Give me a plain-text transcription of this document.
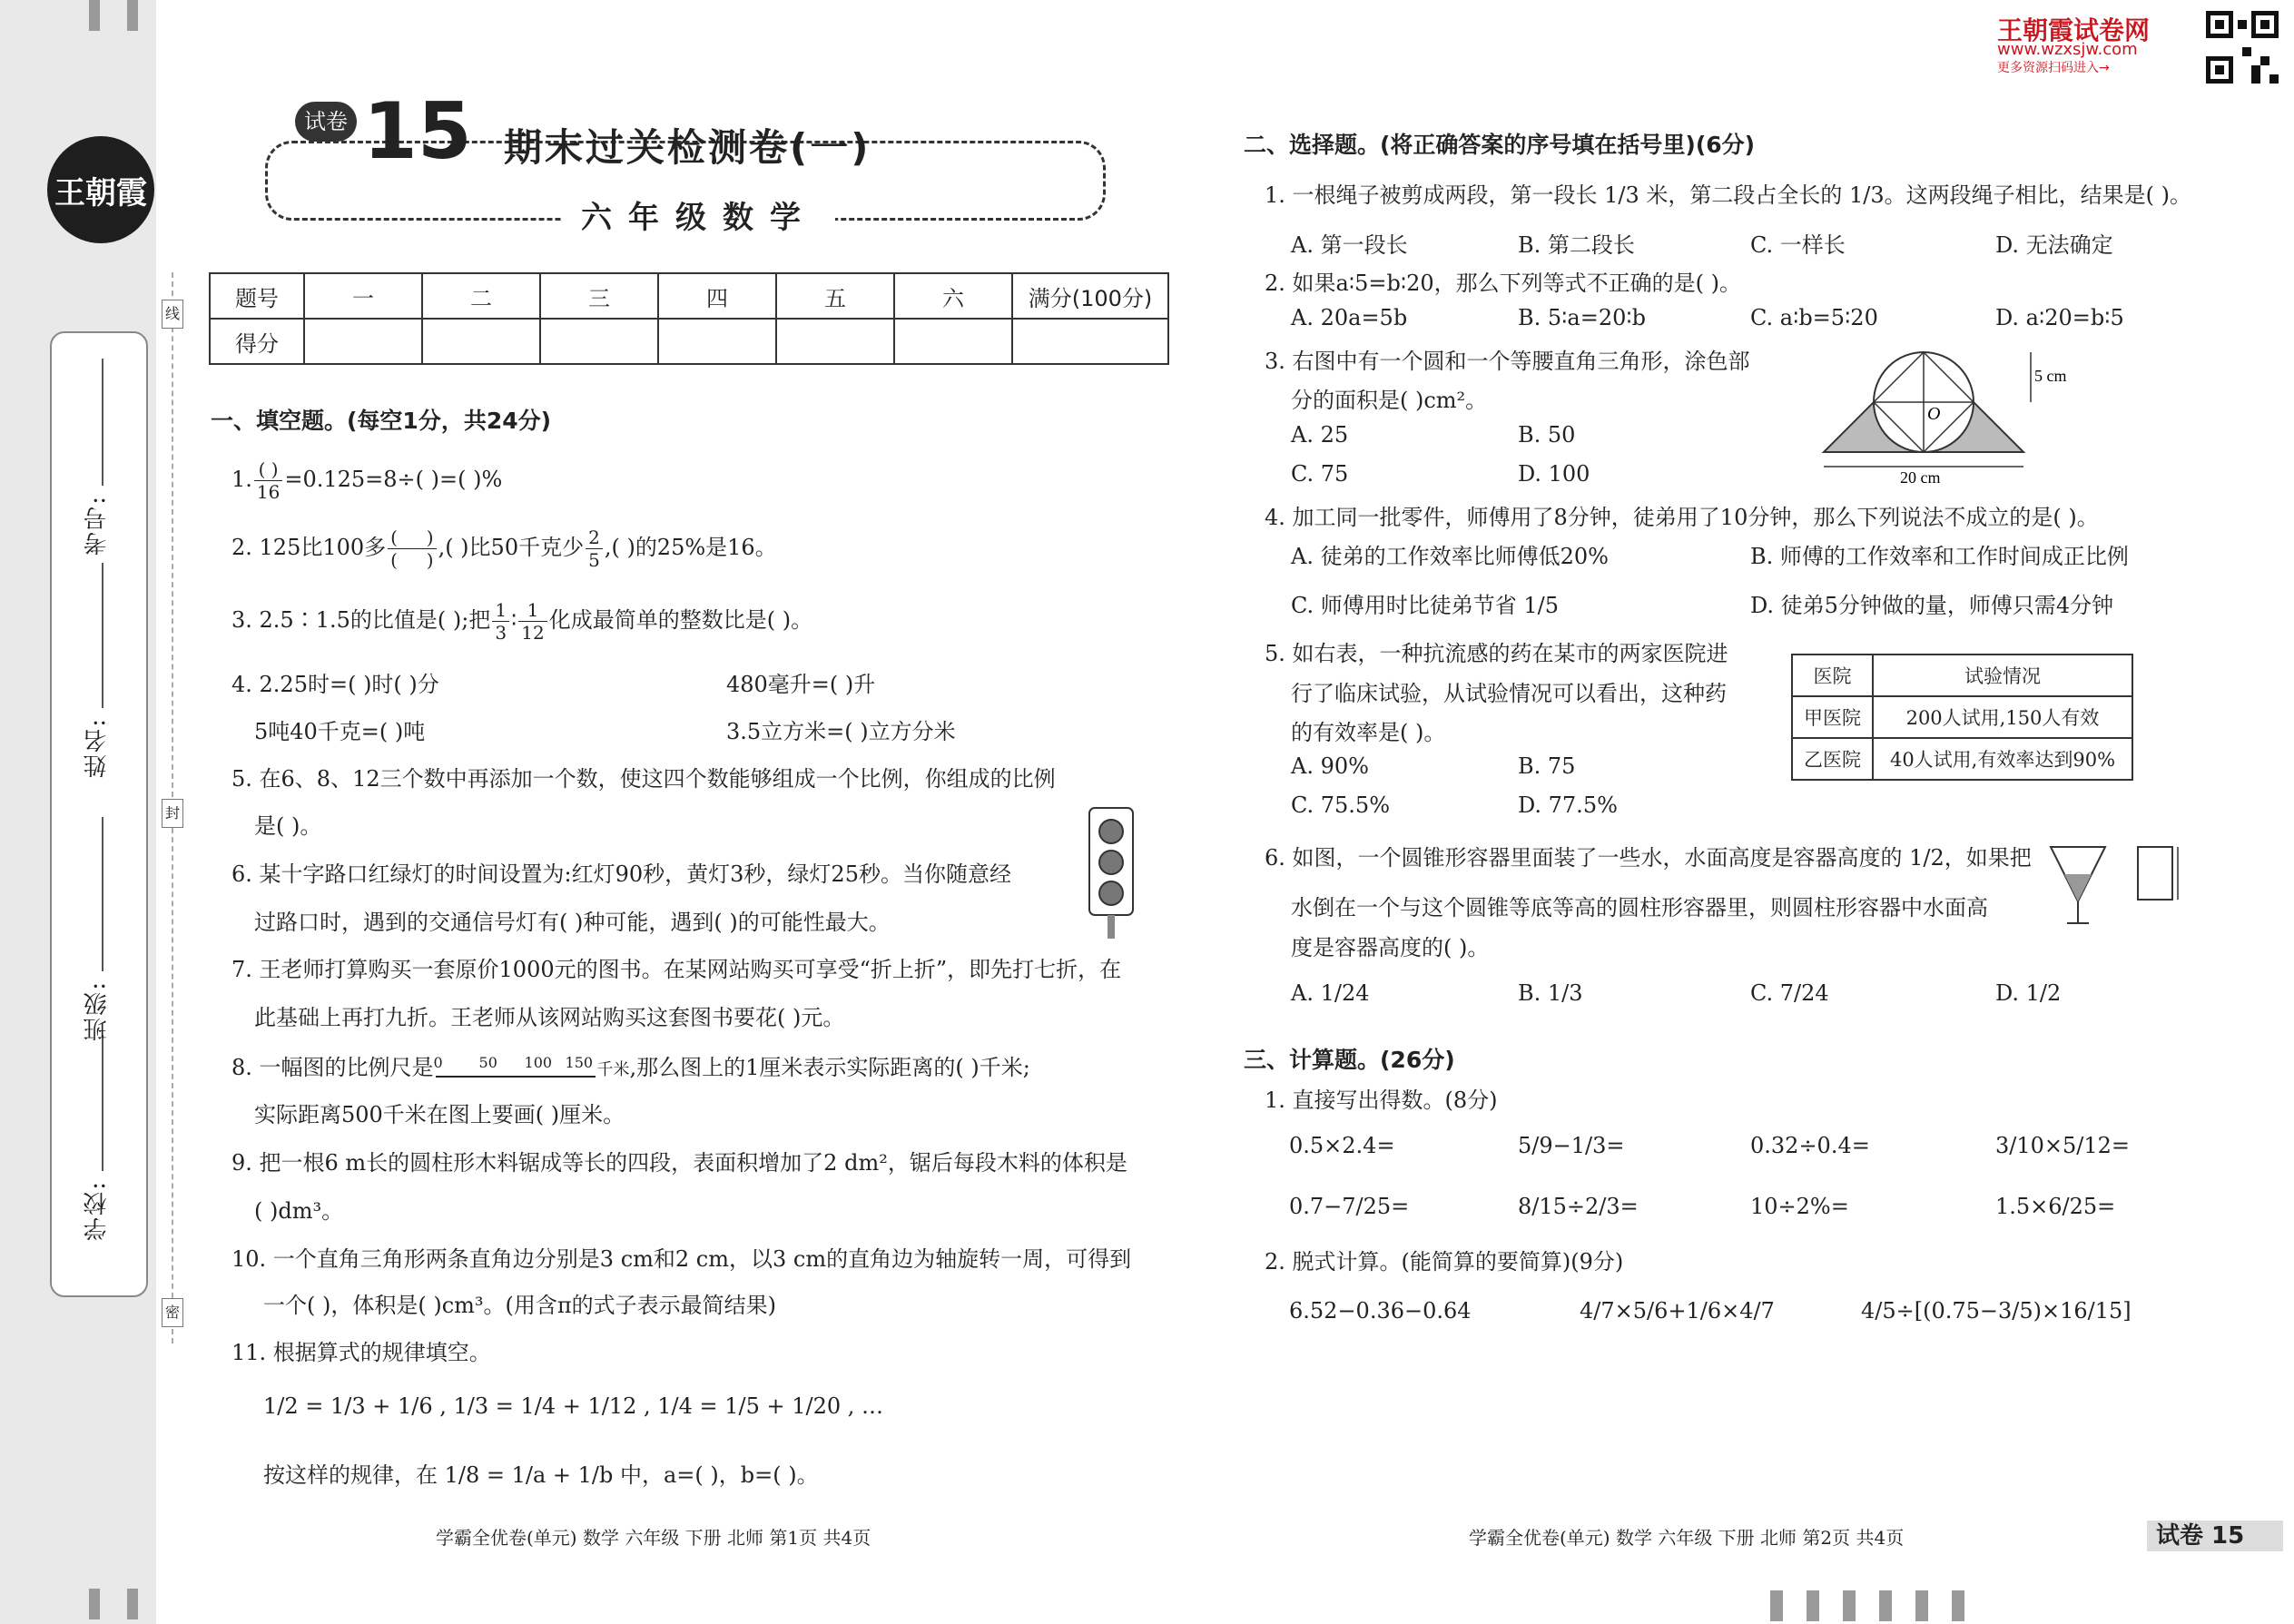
王朝霞
学校:
班级:
姓名:
考号:
线
封
密
试卷 15 期末过关检测卷(一)
六年级数学
王朝霞试卷网
www.wzxsjw.com
更多资源扫码进入→
题号	一	二	三	四	五	六	满分(100分)
得分							
一、填空题。(每空1分，共24分)
1. $\frac{( )}{16} =0.125=8\div$( )=( )%
2. 125比100多 $\frac{( )}{( )}$ ,( )比50千克少 $\frac{2}{5}$ ,( )的25%是16。
3. 2.5∶1.5的比值是( );把 $\frac{1}{3}$ ∶ $\frac{1}{12}$ 化成最简单的整数比是( )。
4. 2.25时=( )时( )分	480毫升=( )升
5吨40千克=( )吨	3.5立方米=( )立方分米
5. 在6、8、12三个数中再添加一个数，使这四个数能够组成一个比例，你组成的比例
是( )。
6. 某十字路口红绿灯的时间设置为:红灯90秒，黄灯3秒，绿灯25秒。当你随意经
过路口时，遇到的交通信号灯有( )种可能，遇到( )的可能性最大。
7. 王老师打算购买一套原价1000元的图书。在某网站购买可享受“折上折”，即先打七折，在
此基础上再打九折。王老师从该网站购买这套图书要花( )元。
8. 一幅图的比例尺是 0 50 100 150 千米,那么图上的1厘米表示实际距离的( )千米;
实际距离500千米在图上要画( )厘米。
9. 把一根6 m长的圆柱形木料锯成等长的四段，表面积增加了2 dm²，锯后每段木料的体积是
( )dm³。
10. 一个直角三角形两条直角边分别是3 cm和2 cm，以3 cm的直角边为轴旋转一周，可得到
一个( )，体积是( )cm³。(用含π的式子表示最简结果)
11. 根据算式的规律填空。
1/2 = 1/3 + 1/6 , 1/3 = 1/4 + 1/12 , 1/4 = 1/5 + 1/20 , …
按这样的规律，在 1/8 = 1/a + 1/b 中，a=( )，b=( )。
学霸全优卷(单元) 数学 六年级 下册 北师 第1页 共4页
二、选择题。(将正确答案的序号填在括号里)(6分)
1. 一根绳子被剪成两段，第一段长 1/3 米，第二段占全长的 1/3。这两段绳子相比，结果是( )。
A. 第一段长	B. 第二段长	C. 一样长	D. 无法确定
2. 如果a∶5=b∶20，那么下列等式不正确的是( )。
A. 20a=5b	B. 5∶a=20∶b	C. a∶b=5∶20	D. a∶20=b∶5
3. 右图中有一个圆和一个等腰直角三角形，涂色部
分的面积是( )cm²。
A. 25	B. 50
C. 75	D. 100
5 cm
O
20 cm
4. 加工同一批零件，师傅用了8分钟，徒弟用了10分钟，那么下列说法不成立的是( )。
A. 徒弟的工作效率比师傅低20%	B. 师傅的工作效率和工作时间成正比例
C. 师傅用时比徒弟节省 1/5	D. 徒弟5分钟做的量，师傅只需4分钟
5. 如右表，一种抗流感的药在某市的两家医院进
行了临床试验，从试验情况可以看出，这种药
的有效率是( )。
A. 90%	B. 75
C. 75.5%	D. 77.5%
医院	试验情况
甲医院	200人试用,150人有效
乙医院	40人试用,有效率达到90%
6. 如图，一个圆锥形容器里面装了一些水，水面高度是容器高度的 1/2，如果把
水倒在一个与这个圆锥等底等高的圆柱形容器里，则圆柱形容器中水面高
度是容器高度的( )。
A. 1/24	B. 1/3	C. 7/24	D. 1/2
三、计算题。(26分)
1. 直接写出得数。(8分)
0.5×2.4=	5/9−1/3=	0.32÷0.4=	3/10×5/12=
0.7−7/25=	8/15÷2/3=	10÷2%=	1.5×6/25=
2. 脱式计算。(能简算的要简算)(9分)
6.52−0.36−0.64	4/7×5/6+1/6×4/7	4/5÷[(0.75−3/5)×16/15]
学霸全优卷(单元) 数学 六年级 下册 北师 第2页 共4页	试卷 15
